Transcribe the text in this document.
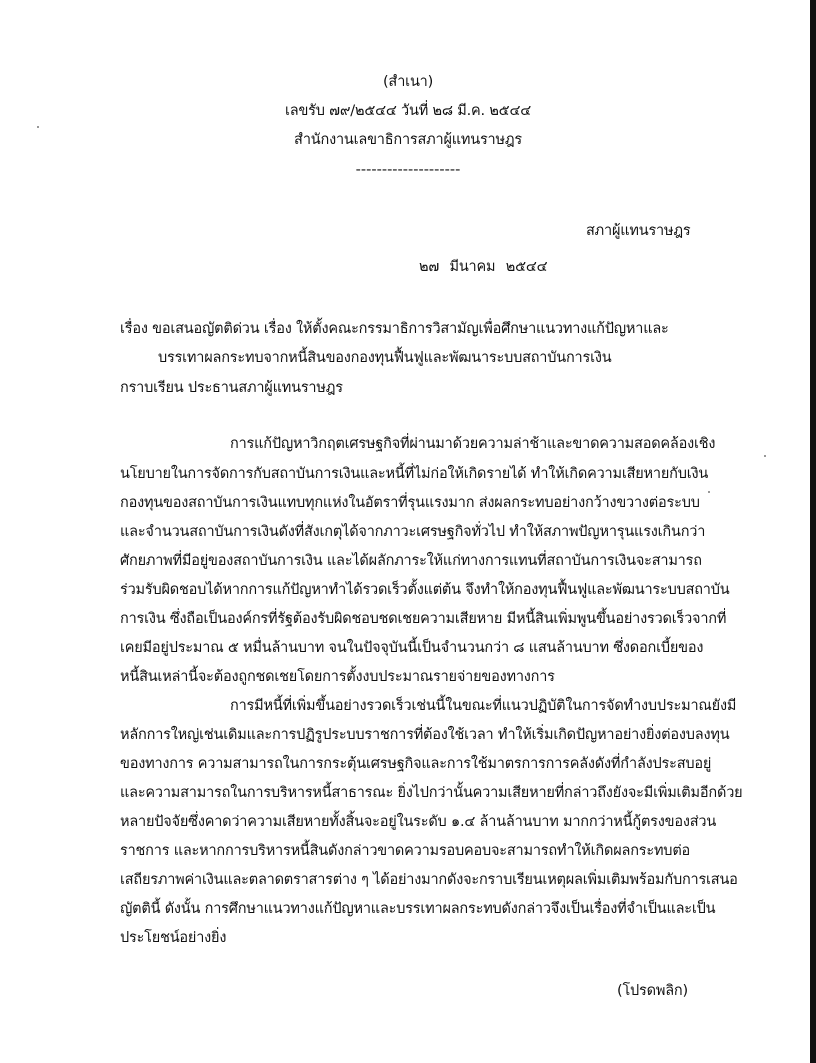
(สำเนา)
เลขรับ ๗๙/๒๕๔๔ วันที่ ๒๘ มี.ค. ๒๕๔๔
สำนักงานเลขาธิการสภาผู้แทนราษฎร
--------------------
สภาผู้แทนราษฎร
๒๗ มีนาคม ๒๕๔๔
เรื่อง ขอเสนอญัตติด่วน เรื่อง ให้ตั้งคณะกรรมาธิการวิสามัญเพื่อศึกษาแนวทางแก้ปัญหาและ
บรรเทาผลกระทบจากหนี้สินของกองทุนฟื้นฟูและพัฒนาระบบสถาบันการเงิน
กราบเรียน ประธานสภาผู้แทนราษฎร
การแก้ปัญหาวิกฤตเศรษฐกิจที่ผ่านมาด้วยความล่าช้าและขาดความสอดคล้องเชิง
นโยบายในการจัดการกับสถาบันการเงินและหนี้ที่ไม่ก่อให้เกิดรายได้ ทำให้เกิดความเสียหายกับเงิน
กองทุนของสถาบันการเงินแทบทุกแห่งในอัตราที่รุนแรงมาก ส่งผลกระทบอย่างกว้างขวางต่อระบบ
และจำนวนสถาบันการเงินดังที่สังเกตุได้จากภาวะเศรษฐกิจทั่วไป ทำให้สภาพปัญหารุนแรงเกินกว่า
ศักยภาพที่มีอยู่ของสถาบันการเงิน และได้ผลักภาระให้แก่ทางการแทนที่สถาบันการเงินจะสามารถ
ร่วมรับผิดชอบได้หากการแก้ปัญหาทำได้รวดเร็วตั้งแต่ต้น จึงทำให้กองทุนฟื้นฟูและพัฒนาระบบสถาบัน
การเงิน ซึ่งถือเป็นองค์กรที่รัฐต้องรับผิดชอบชดเชยความเสียหาย มีหนี้สินเพิ่มพูนขึ้นอย่างรวดเร็วจากที่
เคยมีอยู่ประมาณ ๕ หมื่นล้านบาท จนในปัจจุบันนี้เป็นจำนวนกว่า ๘ แสนล้านบาท ซึ่งดอกเบี้ยของ
หนี้สินเหล่านี้จะต้องถูกชดเชยโดยการตั้งงบประมาณรายจ่ายของทางการ
การมีหนี้ที่เพิ่มขึ้นอย่างรวดเร็วเช่นนี้ในขณะที่แนวปฏิบัติในการจัดทำงบประมาณยังมี
หลักการใหญ่เช่นเดิมและการปฏิรูประบบราชการที่ต้องใช้เวลา ทำให้เริ่มเกิดปัญหาอย่างยิ่งต่องบลงทุน
ของทางการ ความสามารถในการกระตุ้นเศรษฐกิจและการใช้มาตรการการคลังดังที่กำลังประสบอยู่
และความสามารถในการบริหารหนี้สาธารณะ ยิ่งไปกว่านั้นความเสียหายที่กล่าวถึงยังจะมีเพิ่มเติมอีกด้วย
หลายปัจจัยซึ่งคาดว่าความเสียหายทั้งสิ้นจะอยู่ในระดับ ๑.๔ ล้านล้านบาท มากกว่าหนี้กู้ตรงของส่วน
ราชการ และหากการบริหารหนี้สินดังกล่าวขาดความรอบคอบจะสามารถทำให้เกิดผลกระทบต่อ
เสถียรภาพค่าเงินและตลาดตราสารต่าง ๆ ได้อย่างมากดังจะกราบเรียนเหตุผลเพิ่มเติมพร้อมกับการเสนอ
ญัตตินี้ ดังนั้น การศึกษาแนวทางแก้ปัญหาและบรรเทาผลกระทบดังกล่าวจึงเป็นเรื่องที่จำเป็นและเป็น
ประโยชน์อย่างยิ่ง
(โปรดพลิก)
